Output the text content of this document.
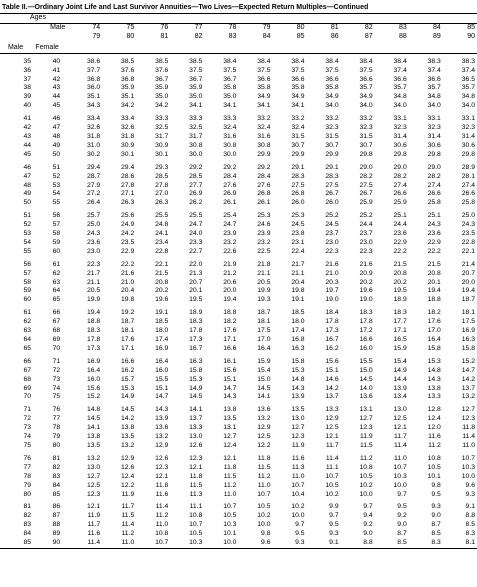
Table II.—Ordinary Joint Life and Last Survivor Annuities—Two Lives—Expected Return Multiples—Continued
Ages													
	Male	74	75	76	77	78	79	80	81	82	83	84	85
		79	80	81	82	83	84	85	86	87	88	89	90
Male	Female												

35	40	38.6	38.5	38.5	38.5	38.4	38.4	38.4	38.4	38.4	38.4	38.3	38.3
36	41	37.7	37.6	37.6	37.5	37.5	37.5	37.5	37.5	37.5	37.4	37.4	37.4
37	42	36.8	36.8	36.7	36.7	36.7	36.6	36.6	36.6	36.6	36.6	36.6	36.5
38	43	36.0	35.9	35.9	35.9	35.8	35.8	35.8	35.8	35.7	35.7	35.7	35.7
39	44	35.1	35.1	35.0	35.0	35.0	34.9	34.9	34.9	34.9	34.8	34.8	34.8
40	45	34.3	34.2	34.2	34.1	34.1	34.1	34.1	34.0	34.0	34.0	34.0	34.0

41	46	33.4	33.4	33.3	33.3	33.3	33.2	33.2	33.2	33.2	33.1	33.1	33.1
42	47	32.6	32.6	32.5	32.5	32.4	32.4	32.4	32.3	32.3	32.3	32.3	32.3
43	48	31.8	31.8	31.7	31.7	31.6	31.6	31.5	31.5	31.5	31.4	31.4	31.4
44	49	31.0	30.9	30.9	30.8	30.8	30.8	30.7	30.7	30.7	30.6	30.6	30.6
45	50	30.2	30.1	30.1	30.0	30.0	29.9	29.9	29.9	29.8	29.8	29.8	29.8

46	51	29.4	29.4	29.3	29.2	29.2	29.2	29.1	29.1	29.0	29.0	29.0	28.9
47	52	28.7	28.6	28.5	28.5	28.4	28.4	28.3	28.3	28.2	28.2	28.2	28.1
48	53	27.9	27.8	27.8	27.7	27.6	27.6	27.5	27.5	27.5	27.4	27.4	27.4
49	54	27.2	27.1	27.0	26.9	26.9	26.8	26.8	26.7	26.7	26.6	26.6	26.6
50	55	26.4	26.3	26.3	26.2	26.1	26.1	26.0	26.0	25.9	25.9	25.8	25.8

51	56	25.7	25.6	25.5	25.5	25.4	25.3	25.3	25.2	25.2	25.1	25.1	25.0
52	57	25.0	24.9	24.8	24.7	24.7	24.6	24.5	24.5	24.4	24.4	24.3	24.3
53	58	24.3	24.2	24.1	24.0	23.9	23.9	23.8	23.7	23.7	23.6	23.6	23.5
54	59	23.6	23.5	23.4	23.3	23.2	23.2	23.1	23.0	23.0	22.9	22.9	22.8
55	60	23.0	22.9	22.8	22.7	22.6	22.5	22.4	22.3	22.3	22.2	22.2	22.1

56	61	22.3	22.2	22.1	22.0	21.9	21.8	21.7	21.6	21.6	21.5	21.5	21.4
57	62	21.7	21.6	21.5	21.3	21.2	21.1	21.1	21.0	20.9	20.8	20.8	20.7
58	63	21.1	21.0	20.8	20.7	20.6	20.5	20.4	20.3	20.2	20.2	20.1	20.0
59	64	20.5	20.4	20.2	20.1	20.0	19.9	19.8	19.7	19.6	19.5	19.4	19.4
60	65	19.9	19.8	19.6	19.5	19.4	19.3	19.1	19.0	19.0	18.9	18.8	18.7

61	66	19.4	19.2	19.1	18.9	18.8	18.7	18.5	18.4	18.3	18.3	18.2	18.1
62	67	18.8	18.7	18.5	18.3	18.2	18.1	18.0	17.8	17.8	17.7	17.6	17.5
63	68	18.3	18.1	18.0	17.8	17.6	17.5	17.4	17.3	17.2	17.1	17.0	16.9
64	69	17.8	17.6	17.4	17.3	17.1	17.0	16.8	16.7	16.6	16.5	16.4	16.3
65	70	17.3	17.1	16.9	16.7	16.6	16.4	16.3	16.2	16.0	15.9	15.8	15.8

66	71	16.9	16.6	16.4	16.3	16.1	15.9	15.8	15.6	15.5	15.4	15.3	15.2
67	72	16.4	16.2	16.0	15.8	15.6	15.4	15.3	15.1	15.0	14.9	14.8	14.7
68	73	16.0	15.7	15.5	15.3	15.1	15.0	14.8	14.6	14.5	14.4	14.3	14.2
69	74	15.6	15.3	15.1	14.9	14.7	14.5	14.3	14.2	14.0	13.9	13.8	13.7
70	75	15.2	14.9	14.7	14.5	14.3	14.1	13.9	13.7	13.6	13.4	13.3	13.2

71	76	14.8	14.5	14.3	14.1	13.8	13.6	13.5	13.3	13.1	13.0	12.8	12.7
72	77	14.5	14.2	13.9	13.7	13.5	13.2	13.0	12.9	12.7	12.5	12.4	12.3
73	78	14.1	13.8	13.6	13.3	13.1	12.9	12.7	12.5	12.3	12.1	12.0	11.8
74	79	13.8	13.5	13.2	13.0	12.7	12.5	12.3	12.1	11.9	11.7	11.6	11.4
75	80	13.5	13.2	12.9	12.6	12.4	12.2	11.9	11.7	11.5	11.4	11.2	11.0

76	81	13.2	12.9	12.6	12.3	12.1	11.8	11.6	11.4	11.2	11.0	10.8	10.7
77	82	13.0	12.6	12.3	12.1	11.8	11.5	11.3	11.1	10.8	10.7	10.5	10.3
78	83	12.7	12.4	12.1	11.8	11.5	11.2	11.0	10.7	10.5	10.3	10.1	10.0
79	84	12.5	12.2	11.8	11.5	11.2	11.0	10.7	10.5	10.2	10.0	9.8	9.6
80	85	12.3	11.9	11.6	11.3	11.0	10.7	10.4	10.2	10.0	9.7	9.5	9.3

81	86	12.1	11.7	11.4	11.1	10.7	10.5	10.2	9.9	9.7	9.5	9.3	9.1
82	87	11.9	11.5	11.2	10.8	10.5	10.2	10.0	9.7	9.4	9.2	9.0	8.8
83	88	11.7	11.4	11.0	10.7	10.3	10.0	9.7	9.5	9.2	9.0	8.7	8.5
84	89	11.6	11.2	10.8	10.5	10.1	9.8	9.5	9.3	9.0	8.7	8.5	8.3
85	90	11.4	11.0	10.7	10.3	10.0	9.6	9.3	9.1	8.8	8.5	8.3	8.1
